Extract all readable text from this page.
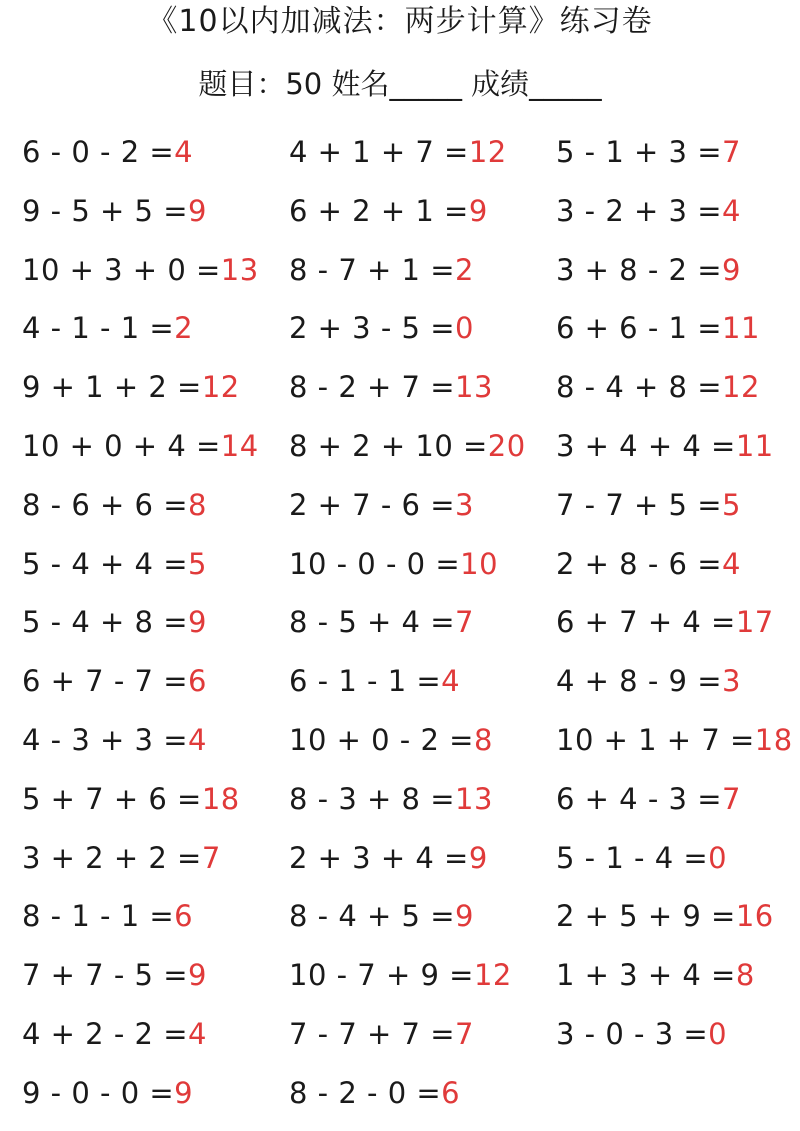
《10以内加减法：两步计算》练习卷
题目：50 姓名_____ 成绩_____
6 - 0 - 2 =4	4 + 1 + 7 =12	5 - 1 + 3 =7
9 - 5 + 5 =9	6 + 2 + 1 =9	3 - 2 + 3 =4
10 + 3 + 0 =13	8 - 7 + 1 =2	3 + 8 - 2 =9
4 - 1 - 1 =2	2 + 3 - 5 =0	6 + 6 - 1 =11
9 + 1 + 2 =12	8 - 2 + 7 =13	8 - 4 + 8 =12
10 + 0 + 4 =14	8 + 2 + 10 =20	3 + 4 + 4 =11
8 - 6 + 6 =8	2 + 7 - 6 =3	7 - 7 + 5 =5
5 - 4 + 4 =5	10 - 0 - 0 =10	2 + 8 - 6 =4
5 - 4 + 8 =9	8 - 5 + 4 =7	6 + 7 + 4 =17
6 + 7 - 7 =6	6 - 1 - 1 =4	4 + 8 - 9 =3
4 - 3 + 3 =4	10 + 0 - 2 =8	10 + 1 + 7 =18
5 + 7 + 6 =18	8 - 3 + 8 =13	6 + 4 - 3 =7
3 + 2 + 2 =7	2 + 3 + 4 =9	5 - 1 - 4 =0
8 - 1 - 1 =6	8 - 4 + 5 =9	2 + 5 + 9 =16
7 + 7 - 5 =9	10 - 7 + 9 =12	1 + 3 + 4 =8
4 + 2 - 2 =4	7 - 7 + 7 =7	3 - 0 - 3 =0
9 - 0 - 0 =9	8 - 2 - 0 =6
